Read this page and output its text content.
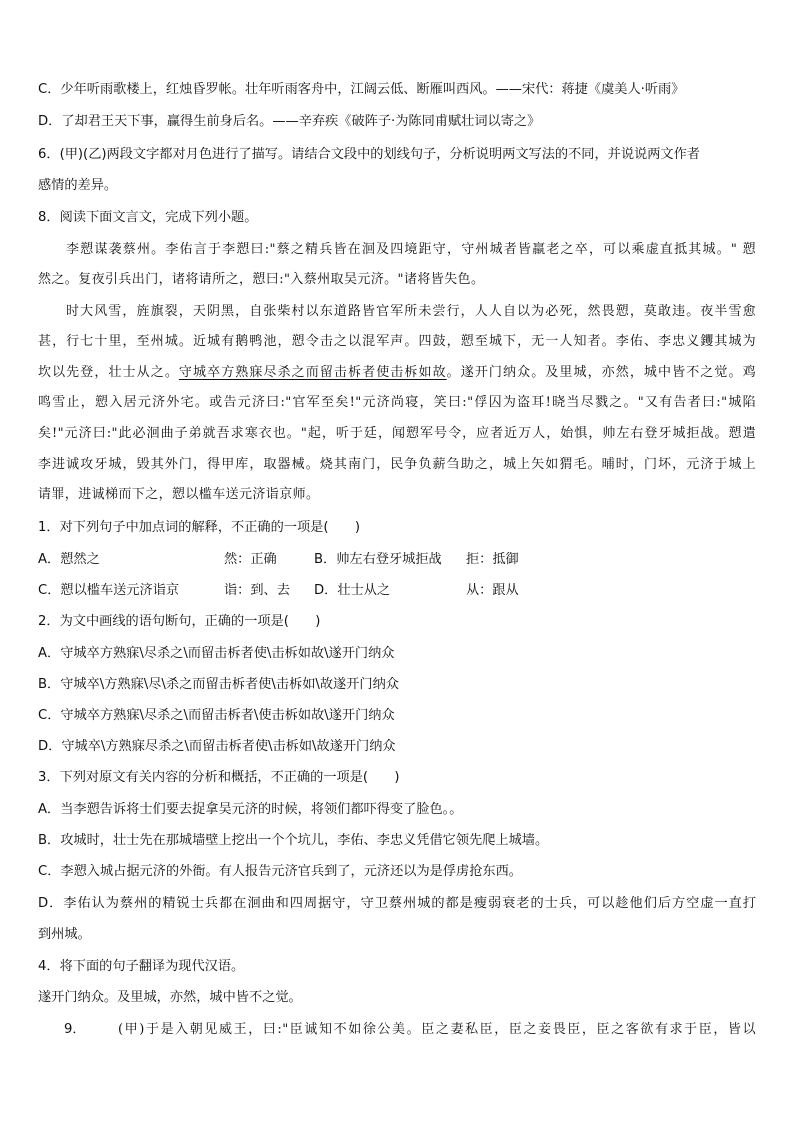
C．少年听雨歌楼上，红烛昏罗帐。壮年听雨客舟中，江阔云低、断雁叫西风。——宋代：蒋捷《虞美人·听雨》
D．了却君王天下事，赢得生前身后名。——辛弃疾《破阵子·为陈同甫赋壮词以寄之》
6．(甲)(乙)两段文字都对月色进行了描写。请结合文段中的划线句子，分析说明两文写法的不同，并说说两文作者
感情的差异。
8．阅读下面文言文，完成下列小题。
李愬谋袭蔡州。李佑言于李愬曰:"蔡之精兵皆在洄及四境距守，守州城者皆羸老之卒，可以乘虚直抵其城。" 愬
然之。复夜引兵出门，诸将请所之，愬曰:"入蔡州取吴元济。"诸将皆失色。
时大风雪，旌旗裂，天阴黑，自张柴村以东道路皆官军所未尝行，人人自以为必死，然畏愬，莫敢违。夜半雪愈
甚，行七十里，至州城。近城有鹅鸭池，愬令击之以混军声。四鼓，愬至城下，无一人知者。李佑、李忠义钁其城为
坎以先登，壮士从之。守城卒方熟寐尽杀之而留击柝者使击柝如故。遂开门纳众。及里城，亦然，城中皆不之觉。鸡
鸣雪止，愬入居元济外宅。或告元济曰:"官军至矣!"元济尚寝，笑曰:"俘囚为盗耳!晓当尽戮之。"又有告者曰:"城陷
矣!"元济曰:"此必洄曲子弟就吾求寒衣也。"起，听于廷，闻愬军号令，应者近万人，始惧，帅左右登牙城拒战。愬遣
李进诚攻牙城，毁其外门，得甲库，取器械。烧其南门，民争负薪刍助之，城上矢如猬毛。晡时，门坏，元济于城上
请罪，进诚梯而下之，愬以槛车送元济诣京师。
1．对下列句子中加点词的解释，不正确的一项是(　　)
A．愬然之	然：正确	B．帅左右登牙城拒战 拒：抵御
C．愬以槛车送元济诣京	诣：到、去 D．壮士从之	从：跟从
2．为文中画线的语句断句，正确的一项是(　　)
A．守城卒方熟寐\尽杀之\而留击柝者使\击柝如故\遂开门纳众
B．守城卒\方熟寐\尽\杀之而留击柝者使\击柝如\故遂开门纳众
C．守城卒方熟寐\尽杀之\而留击柝者\使击柝如故\遂开门纳众
D．守城卒\方熟寐尽杀之\而留击柝者使\击柝如\故遂开门纳众
3．下列对原文有关内容的分析和概括，不正确的一项是(　　)
A．当李愬告诉将士们要去捉拿吴元济的时候，将领们都吓得变了脸色。。
B．攻城时，壮士先在那城墙壁上挖出一个个坑儿，李佑、李忠义凭借它领先爬上城墙。
C．李愬入城占据元济的外衙。有人报告元济官兵到了，元济还以为是俘虏抢东西。
D．李佑认为蔡州的精锐士兵都在洄曲和四周据守，守卫蔡州城的都是瘦弱衰老的士兵，可以趁他们后方空虚一直打
到州城。
4．将下面的句子翻译为现代汉语。
遂开门纳众。及里城，亦然，城中皆不之觉。
9． (甲)于是入朝见威王，曰:"臣诚知不如徐公美。臣之妻私臣，臣之妾畏臣，臣之客欲有求于臣，皆以
